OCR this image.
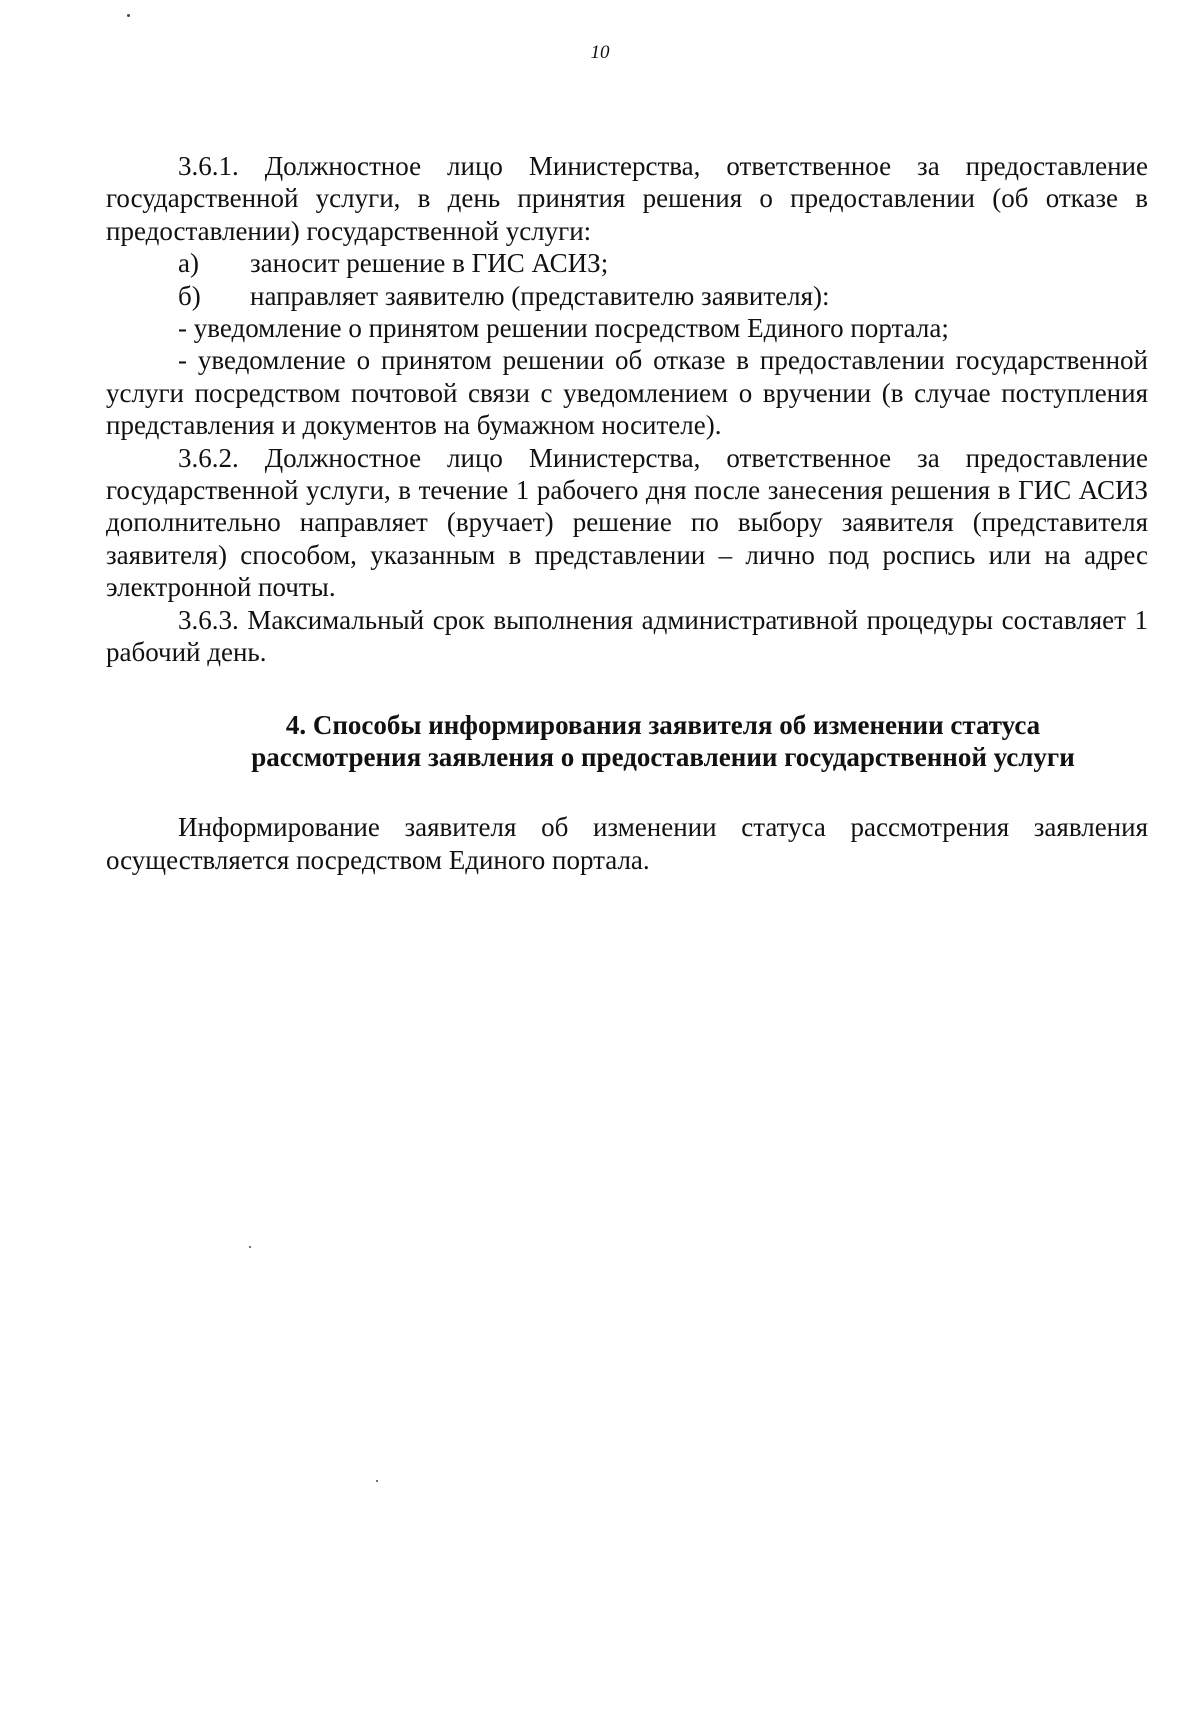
10

3.6.1. Должностное лицо Министерства, ответственное за предоставление государственной услуги, в день принятия решения о предоставлении (об отказе в предоставлении) государственной услуги:

а)	заносит решение в ГИС АСИЗ;

б)	направляет заявителю (представителю заявителя):

- уведомление о принятом решении посредством Единого портала;

- уведомление о принятом решении об отказе в предоставлении государственной услуги посредством почтовой связи с уведомлением о вручении (в случае поступления представления и документов на бумажном носителе).

3.6.2. Должностное лицо Министерства, ответственное за предоставление государственной услуги, в течение 1 рабочего дня после занесения решения в ГИС АСИЗ дополнительно направляет (вручает) решение по выбору заявителя (представителя заявителя) способом, указанным в представлении – лично под роспись или на адрес электронной почты.

3.6.3. Максимальный срок выполнения административной процедуры составляет 1 рабочий день.

4. Способы информирования заявителя об изменении статуса
рассмотрения заявления о предоставлении государственной услуги

Информирование заявителя об изменении статуса рассмотрения заявления осуществляется посредством Единого портала.
